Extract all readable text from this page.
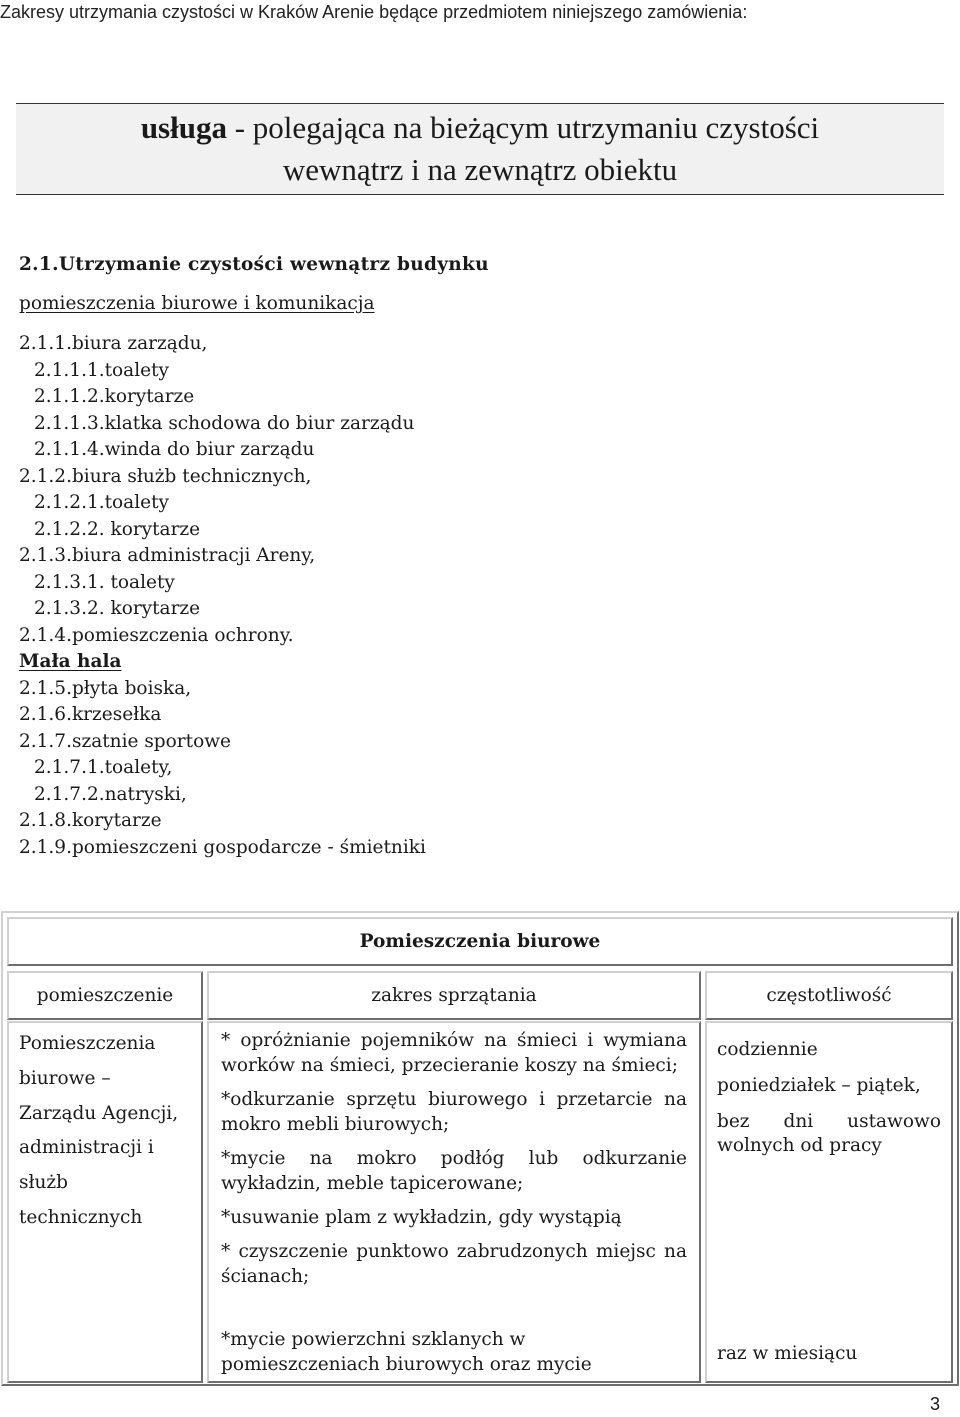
Zakresy utrzymania czystości w Kraków Arenie będące przedmiotem niniejszego zamówienia:
usługa - polegająca na bieżącym utrzymaniu czystości
wewnątrz i na zewnątrz obiektu
2.1.Utrzymanie czystości wewnątrz budynku
pomieszczenia biurowe i komunikacja
2.1.1.biura zarządu,
2.1.1.1.toalety
2.1.1.2.korytarze
2.1.1.3.klatka schodowa do biur zarządu
2.1.1.4.winda do biur zarządu
2.1.2.biura służb technicznych,
2.1.2.1.toalety
2.1.2.2. korytarze
2.1.3.biura administracji Areny,
2.1.3.1. toalety
2.1.3.2. korytarze
2.1.4.pomieszczenia ochrony.
Mała hala
2.1.5.płyta boiska,
2.1.6.krzesełka
2.1.7.szatnie sportowe
2.1.7.1.toalety,
2.1.7.2.natryski,
2.1.8.korytarze
2.1.9.pomieszczeni gospodarcze - śmietniki
Pomieszczenia biurowe
pomieszczenie	zakres sprzątania	częstotliwość
Pomieszczenia
biurowe –
Zarządu Agencji,
administracji i
służb
technicznych

* opróżnianie pojemników na śmieci i wymiana worków na śmieci, przecieranie koszy na śmieci;

*odkurzanie sprzętu biurowego i przetarcie na mokro mebli biurowych;

*mycie na mokro podłóg lub odkurzanie wykładzin, meble tapicerowane;

*usuwanie plam z wykładzin, gdy wystąpią

* czyszczenie punktowo zabrudzonych miejsc na ścianach;

*mycie powierzchni szklanych w pomieszczeniach biurowych oraz mycie

codziennie

poniedziałek – piątek,

bez dni ustawowo wolnych od pracy

raz w miesiącu
3
